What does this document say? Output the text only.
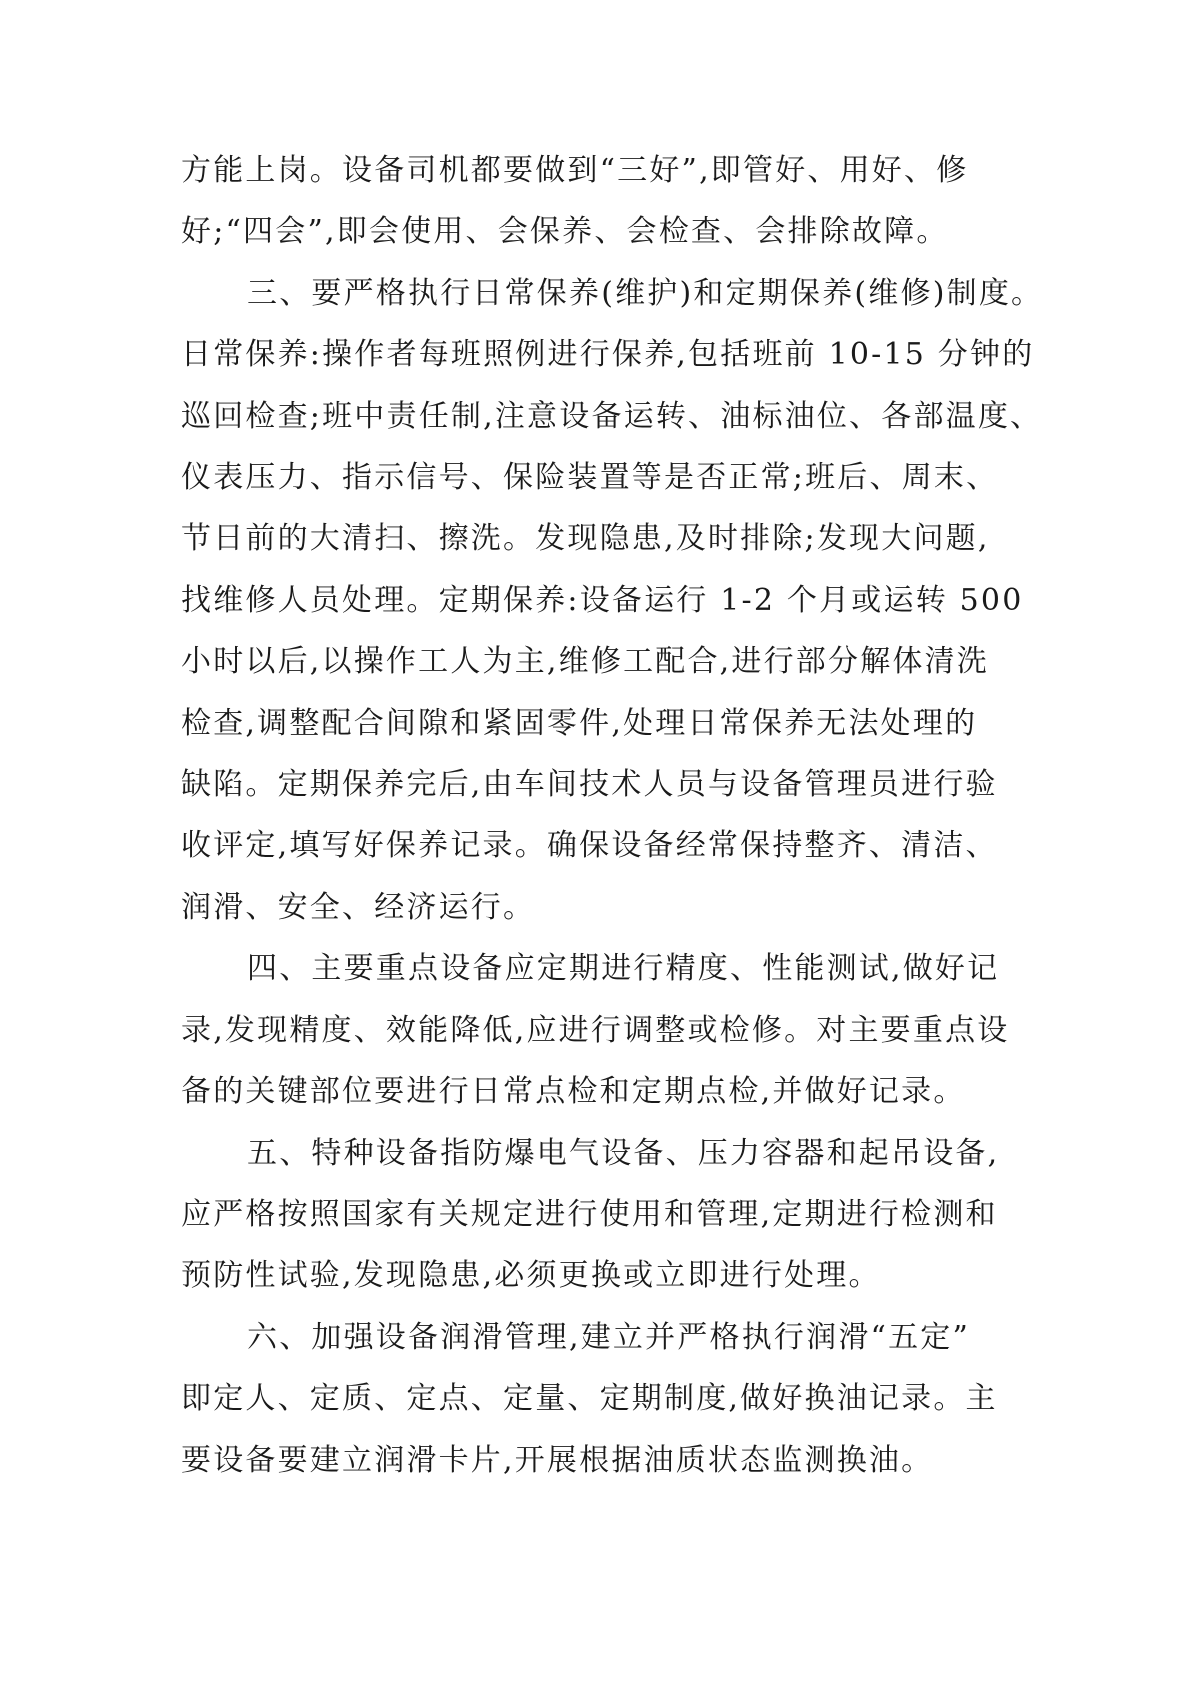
方能上岗。设备司机都要做到“三好”,即管好、用好、修
好;“四会”,即会使用、会保养、会检查、会排除故障。

三、要严格执行日常保养(维护)和定期保养(维修)制度。
日常保养:操作者每班照例进行保养,包括班前 10-15 分钟的
巡回检查;班中责任制,注意设备运转、油标油位、各部温度、
仪表压力、指示信号、保险装置等是否正常;班后、周末、
节日前的大清扫、擦洗。发现隐患,及时排除;发现大问题,
找维修人员处理。定期保养:设备运行 1-2 个月或运转 500
小时以后,以操作工人为主,维修工配合,进行部分解体清洗
检查,调整配合间隙和紧固零件,处理日常保养无法处理的
缺陷。定期保养完后,由车间技术人员与设备管理员进行验
收评定,填写好保养记录。确保设备经常保持整齐、清洁、
润滑、安全、经济运行。

四、主要重点设备应定期进行精度、性能测试,做好记
录,发现精度、效能降低,应进行调整或检修。对主要重点设
备的关键部位要进行日常点检和定期点检,并做好记录。

五、特种设备指防爆电气设备、压力容器和起吊设备,
应严格按照国家有关规定进行使用和管理,定期进行检测和
预防性试验,发现隐患,必须更换或立即进行处理。

六、加强设备润滑管理,建立并严格执行润滑“五定”
即定人、定质、定点、定量、定期制度,做好换油记录。主
要设备要建立润滑卡片,开展根据油质状态监测换油。
